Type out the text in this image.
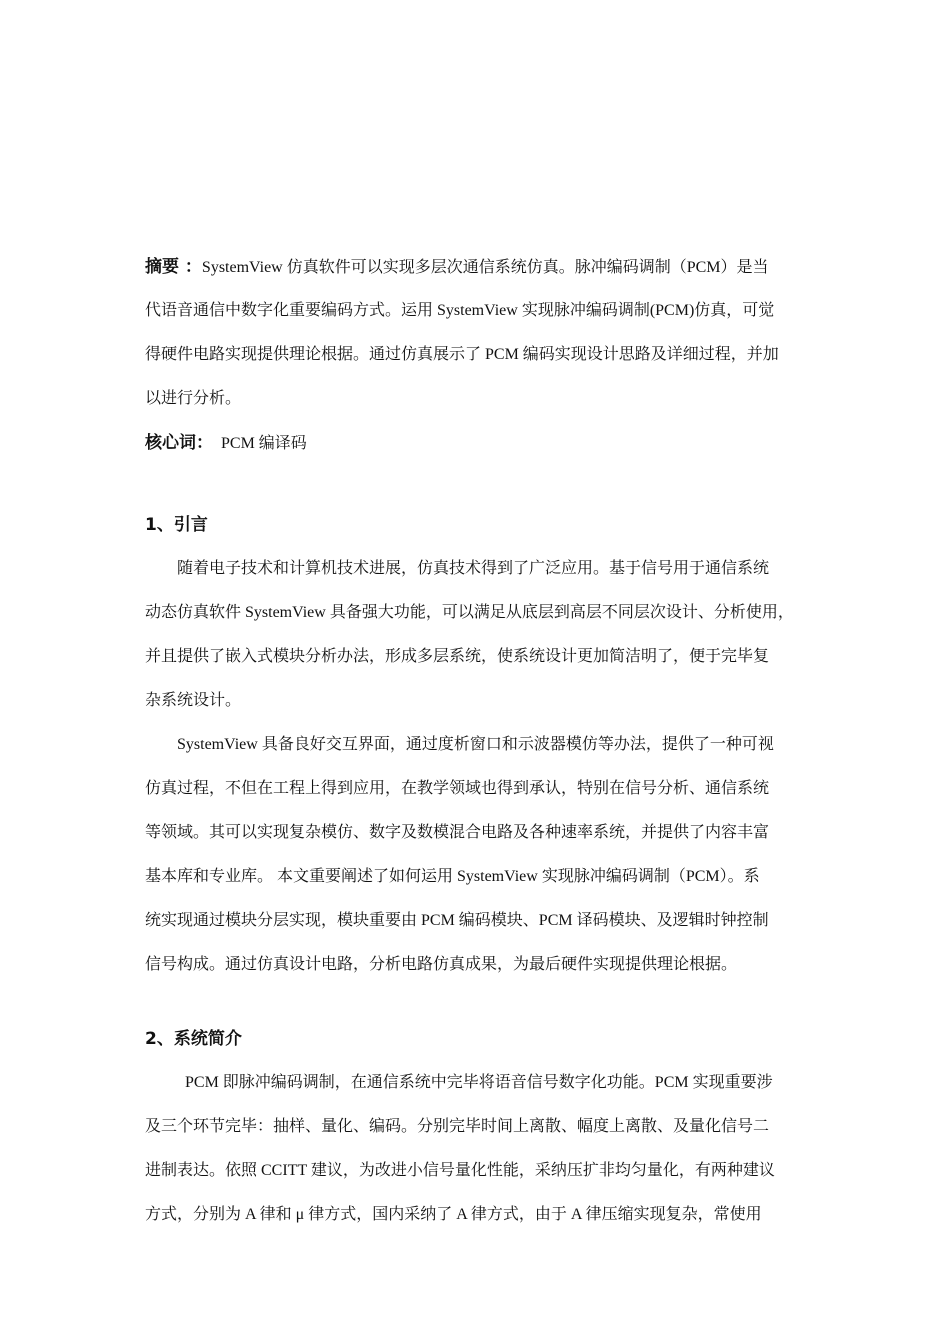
摘要 ：SystemView 仿真软件可以实现多层次通信系统仿真。脉冲编码调制（PCM）是当
代语音通信中数字化重要编码方式。运用 SystemView 实现脉冲编码调制(PCM)仿真，可觉
得硬件电路实现提供理论根据。通过仿真展示了 PCM 编码实现设计思路及详细过程，并加
以进行分析。
核心词： PCM 编译码
1、引言
随着电子技术和计算机技术进展，仿真技术得到了广泛应用。基于信号用于通信系统
动态仿真软件 SystemView 具备强大功能，可以满足从底层到高层不同层次设计、分析使用，
并且提供了嵌入式模块分析办法，形成多层系统，使系统设计更加简洁明了，便于完毕复
杂系统设计。
SystemView 具备良好交互界面，通过度析窗口和示波器模仿等办法，提供了一种可视
仿真过程，不但在工程上得到应用，在教学领域也得到承认，特别在信号分析、通信系统
等领域。其可以实现复杂模仿、数字及数模混合电路及各种速率系统，并提供了内容丰富
基本库和专业库。 本文重要阐述了如何运用 SystemView 实现脉冲编码调制（PCM）。系
统实现通过模块分层实现，模块重要由 PCM 编码模块、PCM 译码模块、及逻辑时钟控制
信号构成。通过仿真设计电路，分析电路仿真成果，为最后硬件实现提供理论根据。
2、系统简介
PCM 即脉冲编码调制，在通信系统中完毕将语音信号数字化功能。PCM 实现重要涉
及三个环节完毕：抽样、量化、编码。分别完毕时间上离散、幅度上离散、及量化信号二
进制表达。依照 CCITT 建议，为改进小信号量化性能，采纳压扩非均匀量化，有两种建议
方式，分别为 A 律和 μ 律方式，国内采纳了 A 律方式，由于 A 律压缩实现复杂，常使用
